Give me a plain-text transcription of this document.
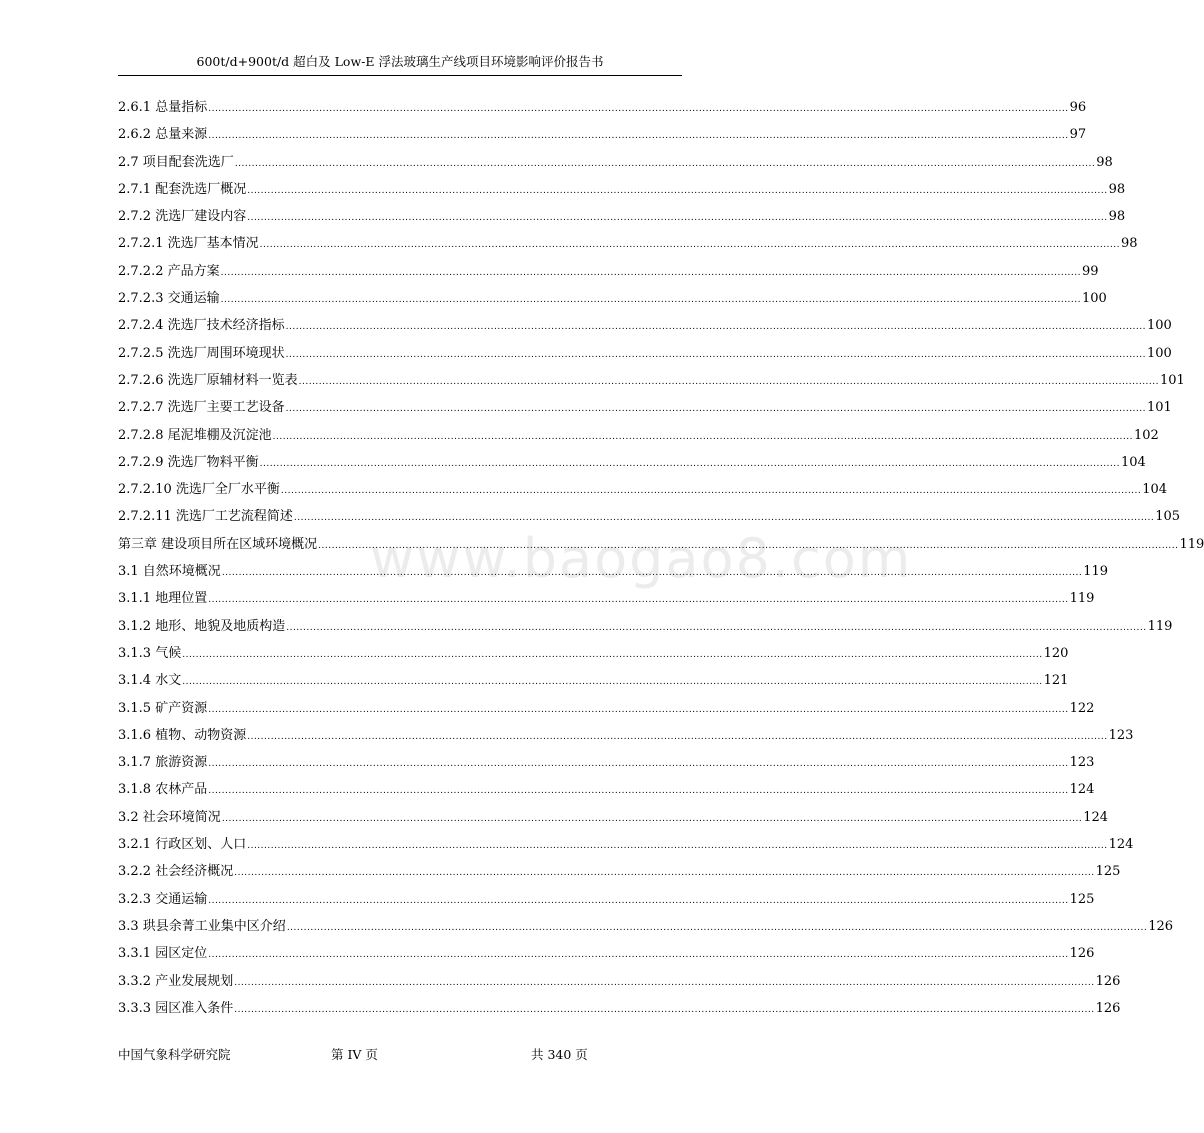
600t/d+900t/d 超白及 Low-E 浮法玻璃生产线项目环境影响评价报告书
www.baogao8.com
2.6.1 总量指标 .....	96
2.6.2 总量来源 .....	97
2.7 项目配套洗选厂 .....	98
2.7.1 配套洗选厂概况 .....	98
2.7.2 洗选厂建设内容 .....	98
2.7.2.1 洗选厂基本情况 .....	98
2.7.2.2 产品方案 .....	99
2.7.2.3 交通运输 .....	100
2.7.2.4 洗选厂技术经济指标 .....	100
2.7.2.5 洗选厂周围环境现状 .....	100
2.7.2.6 洗选厂原辅材料一览表 .....	101
2.7.2.7 洗选厂主要工艺设备 .....	101
2.7.2.8 尾泥堆棚及沉淀池 .....	102
2.7.2.9 洗选厂物料平衡 .....	104
2.7.2.10 洗选厂全厂水平衡 .....	104
2.7.2.11 洗选厂工艺流程简述 .....	105
第三章 建设项目所在区域环境概况 .....	119
3.1 自然环境概况 .....	119
3.1.1 地理位置 .....	119
3.1.2 地形、地貌及地质构造 .....	119
3.1.3 气候 .....	120
3.1.4 水文 .....	121
3.1.5 矿产资源 .....	122
3.1.6 植物、动物资源 .....	123
3.1.7 旅游资源 .....	123
3.1.8 农林产品 .....	124
3.2 社会环境简况 .....	124
3.2.1 行政区划、人口 .....	124
3.2.2 社会经济概况 .....	125
3.2.3 交通运输 .....	125
3.3 珙县余菁工业集中区介绍 .....	126
3.3.1 园区定位 .....	126
3.3.2 产业发展规划 .....	126
3.3.3 园区准入条件 .....	126
中国气象科学研究院	第 IV 页	共 340 页
